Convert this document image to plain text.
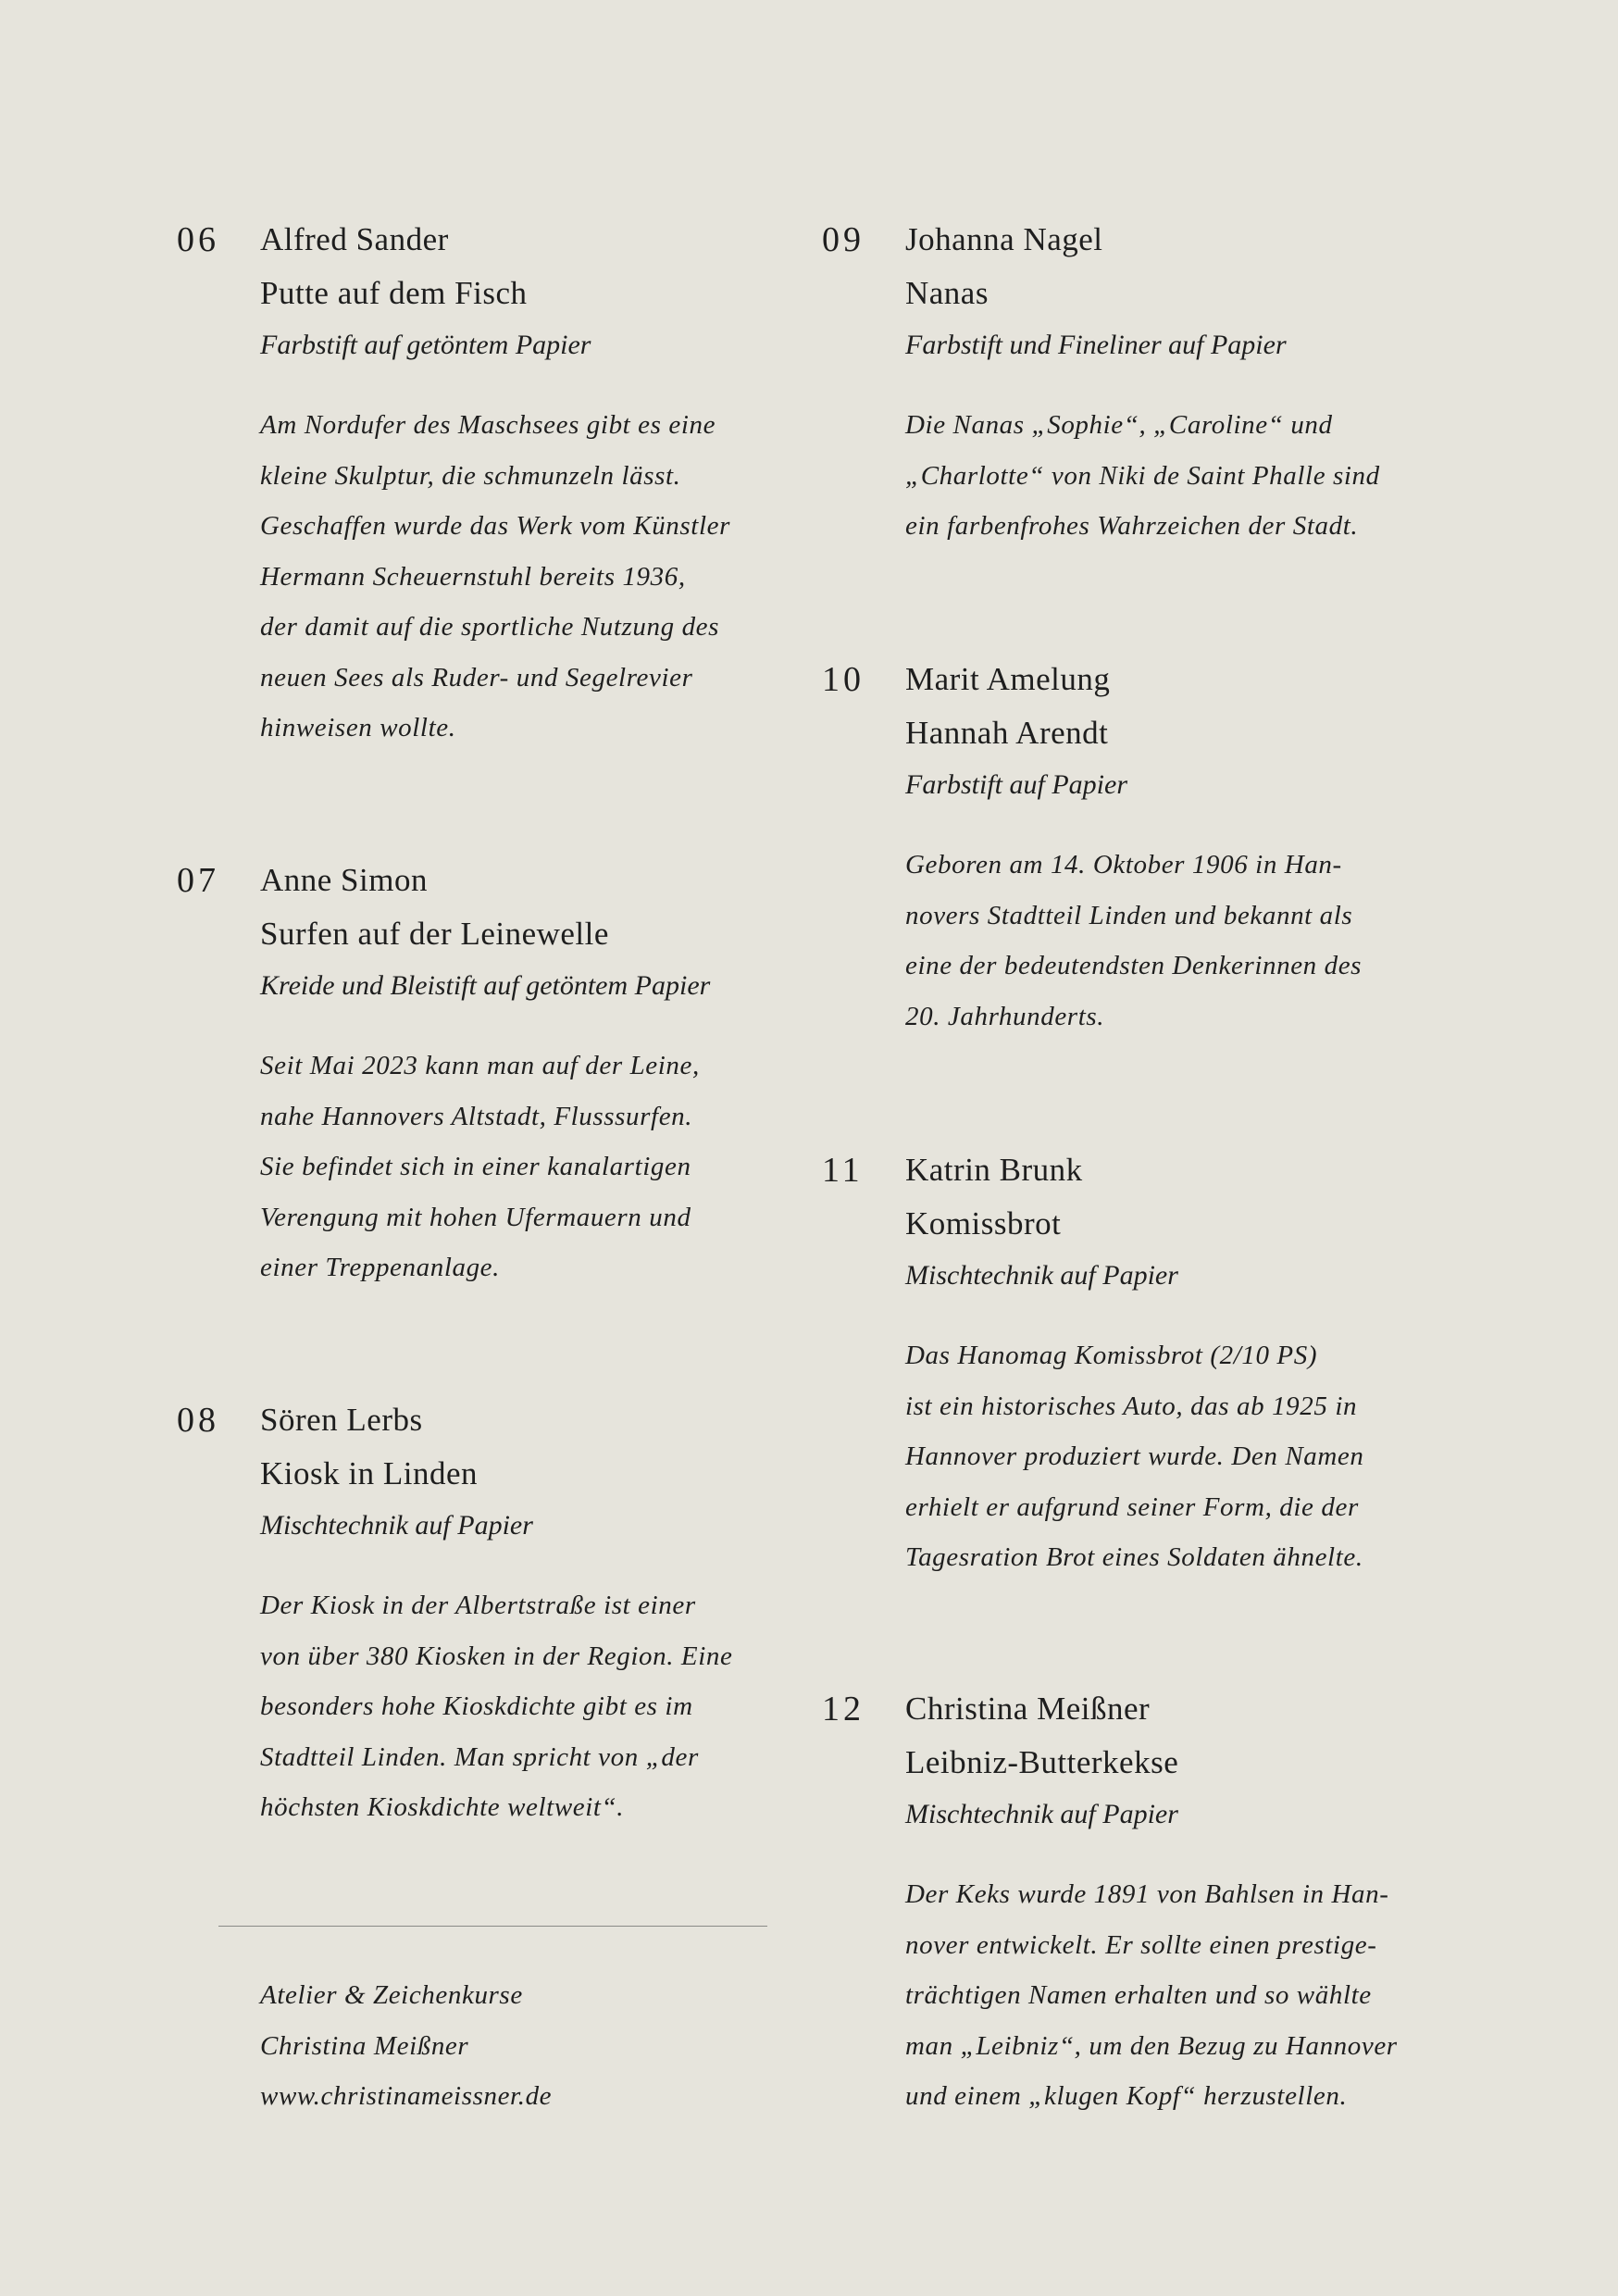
06 Alfred Sander
Putte auf dem Fisch
Farbstift auf getöntem Papier
Am Nordufer des Maschsees gibt es eine
kleine Skulptur, die schmunzeln lässt.
Geschaffen wurde das Werk vom Künstler
Hermann Scheuernstuhl bereits 1936,
der damit auf die sportliche Nutzung des
neuen Sees als Ruder- und Segelrevier
hinweisen wollte.
07 Anne Simon
Surfen auf der Leinewelle
Kreide und Bleistift auf getöntem Papier
Seit Mai 2023 kann man auf der Leine,
nahe Hannovers Altstadt, Flusssurfen.
Sie befindet sich in einer kanalartigen
Verengung mit hohen Ufermauern und
einer Treppenanlage.
08 Sören Lerbs
Kiosk in Linden
Mischtechnik auf Papier
Der Kiosk in der Albertstraße ist einer
von über 380 Kiosken in der Region. Eine
besonders hohe Kioskdichte gibt es im
Stadtteil Linden. Man spricht von „der
höchsten Kioskdichte weltweit“.
09 Johanna Nagel
Nanas
Farbstift und Fineliner auf Papier
Die Nanas „Sophie“, „Caroline“ und
„Charlotte“ von Niki de Saint Phalle sind
ein farbenfrohes Wahrzeichen der Stadt.
10 Marit Amelung
Hannah Arendt
Farbstift auf Papier
Geboren am 14. Oktober 1906 in Han-
novers Stadtteil Linden und bekannt als
eine der bedeutendsten Denkerinnen des
20. Jahrhunderts.
11 Katrin Brunk
Komissbrot
Mischtechnik auf Papier
Das Hanomag Komissbrot (2/10 PS)
ist ein historisches Auto, das ab 1925 in
Hannover produziert wurde. Den Namen
erhielt er aufgrund seiner Form, die der
Tagesration Brot eines Soldaten ähnelte.
12 Christina Meißner
Leibniz-Butterkekse
Mischtechnik auf Papier
Der Keks wurde 1891 von Bahlsen in Han-
nover entwickelt. Er sollte einen prestige-
trächtigen Namen erhalten und so wählte
man „Leibniz“, um den Bezug zu Hannover
und einem „klugen Kopf“ herzustellen.
Atelier & Zeichenkurse
Christina Meißner
www.christinameissner.de
